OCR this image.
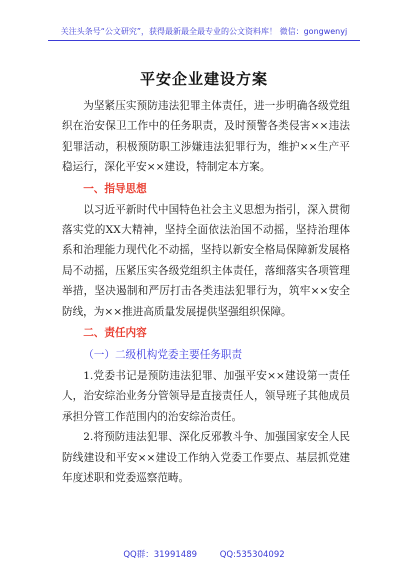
关注头条号“公文研究”，获得最新最全最专业的公文资料库！ 微信：gongwenyj
平安企业建设方案

为坚紧压实预防违法犯罪主体责任，进一步明确各级党组织在治安保卫工作中的任务职责，及时预警各类侵害××违法犯罪活动，积极预防职工涉嫌违法犯罪行为，维护××生产平稳运行，深化平安××建设，特制定本方案。

一、指导思想

以习近平新时代中国特色社会主义思想为指引，深入贯彻落实党的XX大精神，坚持全面依法治国不动摇，坚持治理体系和治理能力现代化不动摇，坚持以新安全格局保障新发展格局不动摇，压紧压实各级党组织主体责任，落细落实各项管理举措，坚决遏制和严厉打击各类违法犯罪行为，筑牢××安全防线，为××推进高质量发展提供坚强组织保障。

二、责任内容

（一）二级机构党委主要任务职责

1.党委书记是预防违法犯罪、加强平安××建设第一责任人，治安综治业务分管领导是直接责任人，领导班子其他成员承担分管工作范围内的治安综治责任。

2.将预防违法犯罪、深化反邪教斗争、加强国家安全人民防线建设和平安××建设工作纳入党委工作要点、基层抓党建年度述职和党委巡察范畴。

QQ群：31991489	QQ:535304092
